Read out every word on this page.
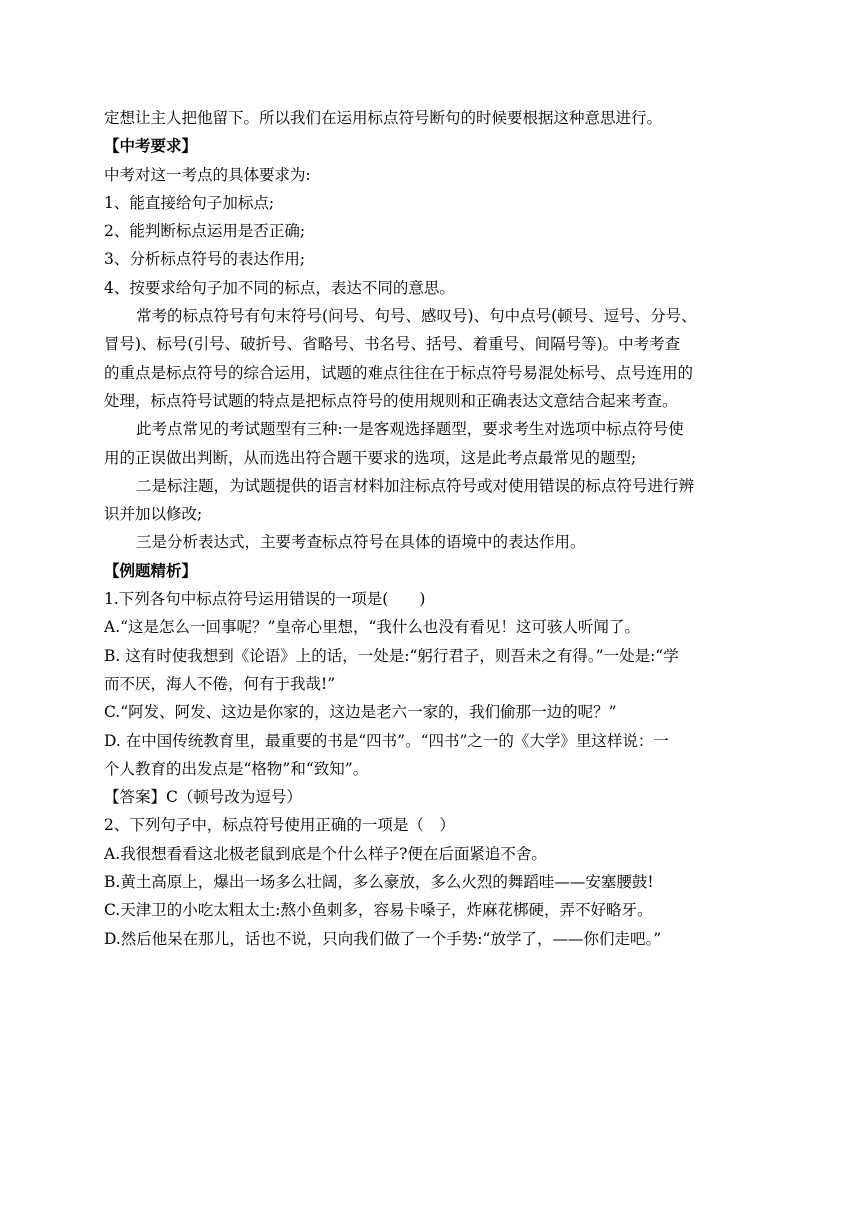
定想让主人把他留下。所以我们在运用标点符号断句的时候要根据这种意思进行。
【中考要求】
中考对这一考点的具体要求为:
1、能直接给句子加标点;
2、能判断标点运用是否正确;
3、分析标点符号的表达作用;
4、按要求给句子加不同的标点，表达不同的意思。
常考的标点符号有句末符号(问号、句号、感叹号)、句中点号(顿号、逗号、分号、
冒号)、标号(引号、破折号、省略号、书名号、括号、着重号、间隔号等)。中考考查
的重点是标点符号的综合运用，试题的难点往往在于标点符号易混处标号、点号连用的
处理，标点符号试题的特点是把标点符号的使用规则和正确表达文意结合起来考查。
此考点常见的考试题型有三种:一是客观选择题型，要求考生对选项中标点符号使
用的正误做出判断，从而选出符合题干要求的选项，这是此考点最常见的题型;
二是标注题，为试题提供的语言材料加注标点符号或对使用错误的标点符号进行辨
识并加以修改;
三是分析表达式，主要考查标点符号在具体的语境中的表达作用。
【例题精析】
1.下列各句中标点符号运用错误的一项是(　　)
A.“这是怎么一回事呢？”皇帝心里想，“我什么也没有看见！这可骇人听闻了。
B. 这有时使我想到《论语》上的话，一处是:“躬行君子，则吾未之有得。”一处是:“学
而不厌，海人不倦，何有于我哉!”
C.“阿发、阿发、这边是你家的，这边是老六一家的，我们偷那一边的呢？”
D. 在中国传统教育里，最重要的书是“四书”。“四书”之一的《大学》里这样说：一
个人教育的出发点是“格物”和“致知”。
【答案】C（顿号改为逗号）
2、下列句子中，标点符号使用正确的一项是（　）
A.我很想看看这北极老鼠到底是个什么样子?便在后面紧追不舍。
B.黄土高原上，爆出一场多么壮阔，多么豪放，多么火烈的舞蹈哇——安塞腰鼓!
C.天津卫的小吃太粗太土:熬小鱼刺多，容易卡嗓子，炸麻花梆硬，弄不好略牙。
D.然后他呆在那儿，话也不说，只向我们做了一个手势:“放学了，——你们走吧。”
